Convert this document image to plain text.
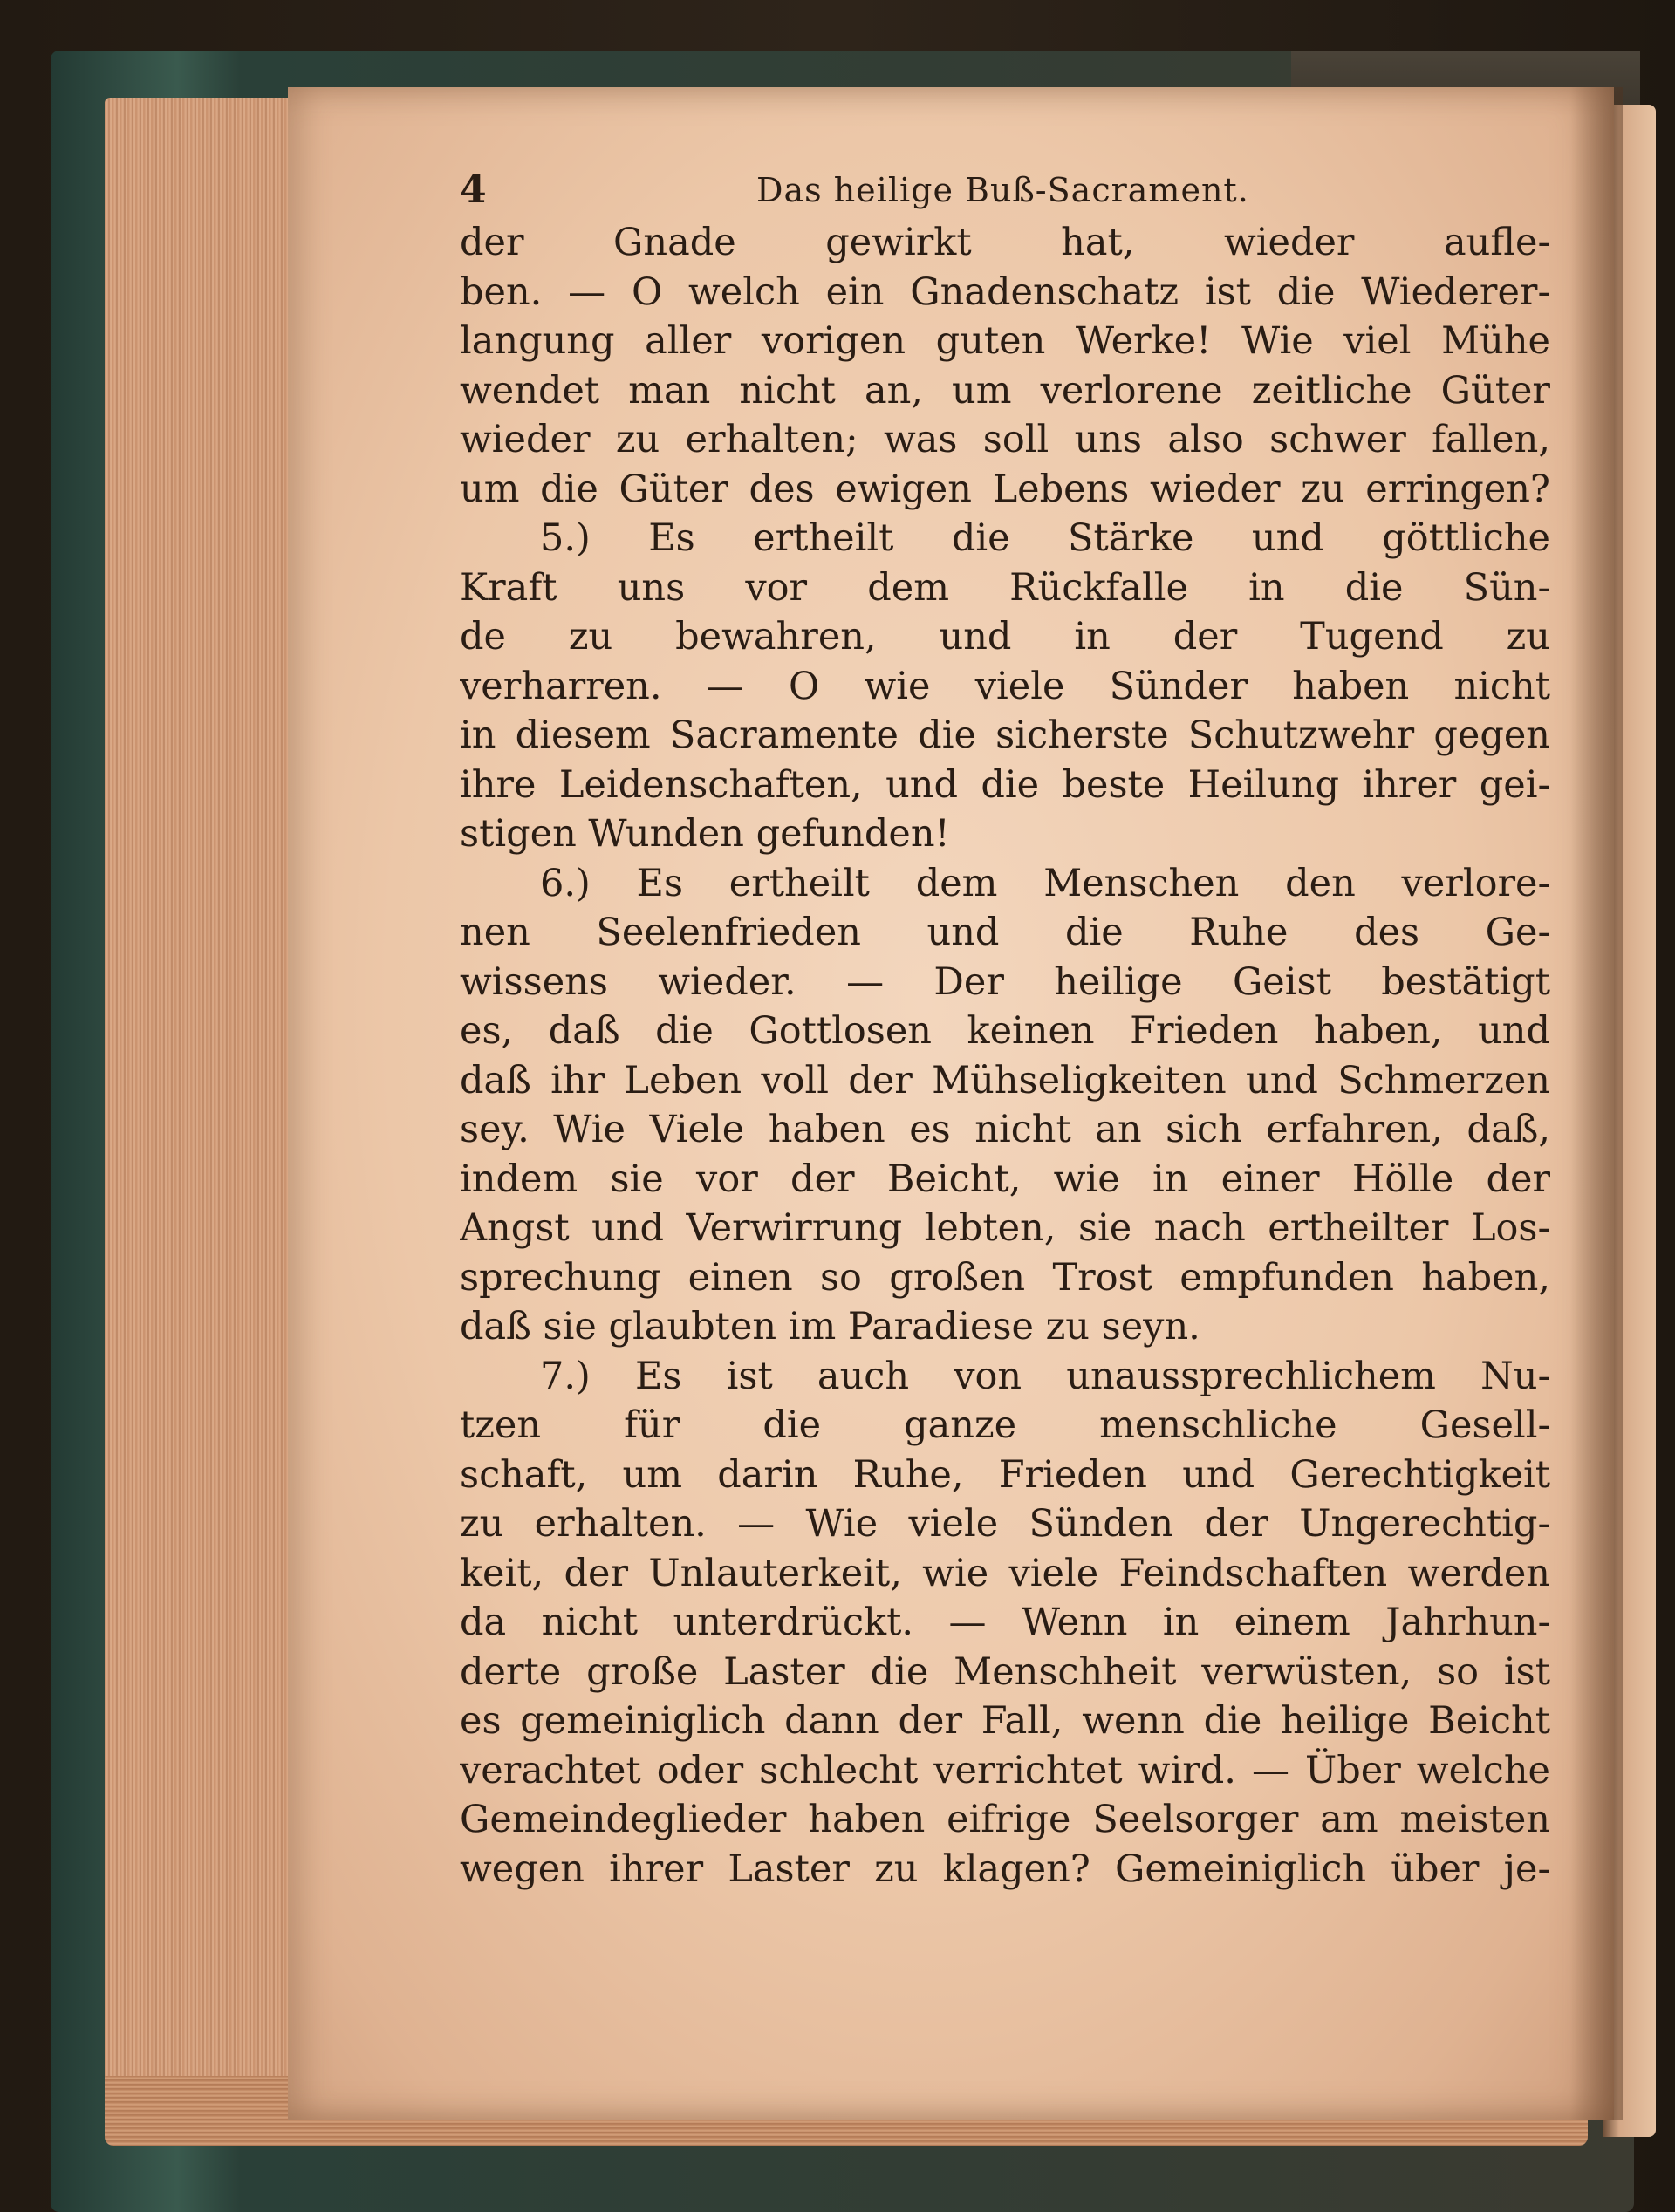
4	Das heilige Buß-Sacrament.
der Gnade gewirkt hat, wieder aufle-
ben. — O welch ein Gnadenschatz ist die Wiederer-
langung aller vorigen guten Werke! Wie viel Mühe
wendet man nicht an, um verlorene zeitliche Güter
wieder zu erhalten; was soll uns also schwer fallen,
um die Güter des ewigen Lebens wieder zu erringen?
5.) Es ertheilt die Stärke und göttliche
Kraft uns vor dem Rückfalle in die Sün-
de zu bewahren, und in der Tugend zu
verharren. — O wie viele Sünder haben nicht
in diesem Sacramente die sicherste Schutzwehr gegen
ihre Leidenschaften, und die beste Heilung ihrer gei-
stigen Wunden gefunden!
6.) Es ertheilt dem Menschen den verlore-
nen Seelenfrieden und die Ruhe des Ge-
wissens wieder. — Der heilige Geist bestätigt
es, daß die Gottlosen keinen Frieden haben, und
daß ihr Leben voll der Mühseligkeiten und Schmerzen
sey. Wie Viele haben es nicht an sich erfahren, daß,
indem sie vor der Beicht, wie in einer Hölle der
Angst und Verwirrung lebten, sie nach ertheilter Los-
sprechung einen so großen Trost empfunden haben,
daß sie glaubten im Paradiese zu seyn.
7.) Es ist auch von unaussprechlichem Nu-
tzen für die ganze menschliche Gesell-
schaft, um darin Ruhe, Frieden und Gerechtigkeit
zu erhalten. — Wie viele Sünden der Ungerechtig-
keit, der Unlauterkeit, wie viele Feindschaften werden
da nicht unterdrückt. — Wenn in einem Jahrhun-
derte große Laster die Menschheit verwüsten, so ist
es gemeiniglich dann der Fall, wenn die heilige Beicht
verachtet oder schlecht verrichtet wird. — Über welche
Gemeindeglieder haben eifrige Seelsorger am meisten
wegen ihrer Laster zu klagen? Gemeiniglich über je-
